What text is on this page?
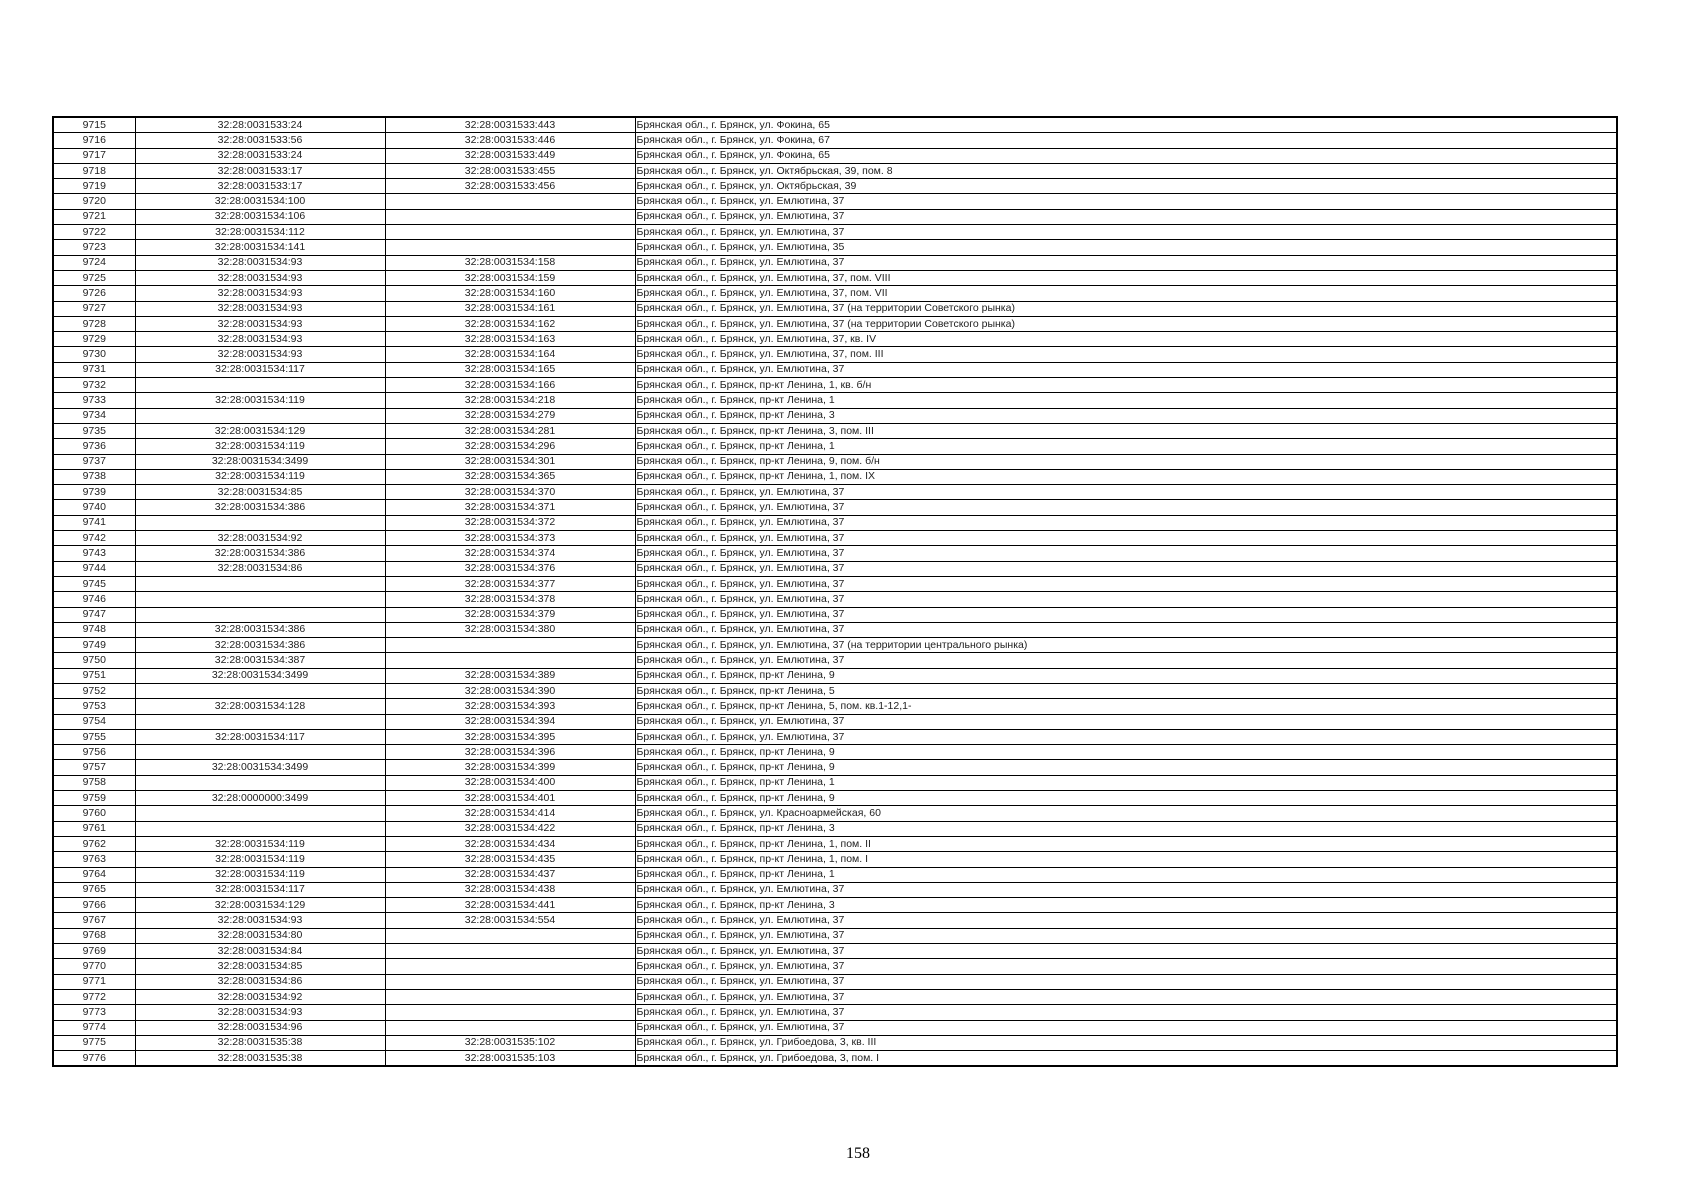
9715	32:28:0031533:24	32:28:0031533:443	Брянская обл., г. Брянск, ул. Фокина, 65
9716	32:28:0031533:56	32:28:0031533:446	Брянская обл., г. Брянск, ул. Фокина, 67
9717	32:28:0031533:24	32:28:0031533:449	Брянская обл., г. Брянск, ул. Фокина, 65
9718	32:28:0031533:17	32:28:0031533:455	Брянская обл., г. Брянск, ул. Октябрьская, 39, пом. 8
9719	32:28:0031533:17	32:28:0031533:456	Брянская обл., г. Брянск, ул. Октябрьская, 39
9720	32:28:0031534:100		Брянская обл., г. Брянск, ул. Емлютина, 37
9721	32:28:0031534:106		Брянская обл., г. Брянск, ул. Емлютина, 37
9722	32:28:0031534:112		Брянская обл., г. Брянск, ул. Емлютина, 37
9723	32:28:0031534:141		Брянская обл., г. Брянск, ул. Емлютина, 35
9724	32:28:0031534:93	32:28:0031534:158	Брянская обл., г. Брянск, ул. Емлютина, 37
9725	32:28:0031534:93	32:28:0031534:159	Брянская обл., г. Брянск, ул. Емлютина, 37, пом. VIII
9726	32:28:0031534:93	32:28:0031534:160	Брянская обл., г. Брянск, ул. Емлютина, 37, пом. VII
9727	32:28:0031534:93	32:28:0031534:161	Брянская обл., г. Брянск, ул. Емлютина, 37 (на территории Советского рынка)
9728	32:28:0031534:93	32:28:0031534:162	Брянская обл., г. Брянск, ул. Емлютина, 37 (на территории Советского рынка)
9729	32:28:0031534:93	32:28:0031534:163	Брянская обл., г. Брянск, ул. Емлютина, 37, кв. IV
9730	32:28:0031534:93	32:28:0031534:164	Брянская обл., г. Брянск, ул. Емлютина, 37, пом. III
9731	32:28:0031534:117	32:28:0031534:165	Брянская обл., г. Брянск, ул. Емлютина, 37
9732		32:28:0031534:166	Брянская обл., г. Брянск, пр-кт Ленина, 1, кв. б/н
9733	32:28:0031534:119	32:28:0031534:218	Брянская обл., г. Брянск, пр-кт Ленина, 1
9734		32:28:0031534:279	Брянская обл., г. Брянск, пр-кт Ленина, 3
9735	32:28:0031534:129	32:28:0031534:281	Брянская обл., г. Брянск, пр-кт Ленина, 3, пом. III
9736	32:28:0031534:119	32:28:0031534:296	Брянская обл., г. Брянск, пр-кт Ленина, 1
9737	32:28:0031534:3499	32:28:0031534:301	Брянская обл., г. Брянск, пр-кт Ленина, 9, пом. б/н
9738	32:28:0031534:119	32:28:0031534:365	Брянская обл., г. Брянск, пр-кт Ленина, 1, пом. IX
9739	32:28:0031534:85	32:28:0031534:370	Брянская обл., г. Брянск, ул. Емлютина, 37
9740	32:28:0031534:386	32:28:0031534:371	Брянская обл., г. Брянск, ул. Емлютина, 37
9741		32:28:0031534:372	Брянская обл., г. Брянск, ул. Емлютина, 37
9742	32:28:0031534:92	32:28:0031534:373	Брянская обл., г. Брянск, ул. Емлютина, 37
9743	32:28:0031534:386	32:28:0031534:374	Брянская обл., г. Брянск, ул. Емлютина, 37
9744	32:28:0031534:86	32:28:0031534:376	Брянская обл., г. Брянск, ул. Емлютина, 37
9745		32:28:0031534:377	Брянская обл., г. Брянск, ул. Емлютина, 37
9746		32:28:0031534:378	Брянская обл., г. Брянск, ул. Емлютина, 37
9747		32:28:0031534:379	Брянская обл., г. Брянск, ул. Емлютина, 37
9748	32:28:0031534:386	32:28:0031534:380	Брянская обл., г. Брянск, ул. Емлютина, 37
9749	32:28:0031534:386		Брянская обл., г. Брянск, ул. Емлютина, 37 (на территории центрального рынка)
9750	32:28:0031534:387		Брянская обл., г. Брянск, ул. Емлютина, 37
9751	32:28:0031534:3499	32:28:0031534:389	Брянская обл., г. Брянск, пр-кт Ленина, 9
9752		32:28:0031534:390	Брянская обл., г. Брянск, пр-кт Ленина, 5
9753	32:28:0031534:128	32:28:0031534:393	Брянская обл., г. Брянск, пр-кт Ленина, 5, пом. кв.1-12,1-
9754		32:28:0031534:394	Брянская обл., г. Брянск, ул. Емлютина, 37
9755	32:28:0031534:117	32:28:0031534:395	Брянская обл., г. Брянск, ул. Емлютина, 37
9756		32:28:0031534:396	Брянская обл., г. Брянск, пр-кт Ленина, 9
9757	32:28:0031534:3499	32:28:0031534:399	Брянская обл., г. Брянск, пр-кт Ленина, 9
9758		32:28:0031534:400	Брянская обл., г. Брянск, пр-кт Ленина, 1
9759	32:28:0000000:3499	32:28:0031534:401	Брянская обл., г. Брянск, пр-кт Ленина, 9
9760		32:28:0031534:414	Брянская обл., г. Брянск, ул. Красноармейская, 60
9761		32:28:0031534:422	Брянская обл., г. Брянск, пр-кт Ленина, 3
9762	32:28:0031534:119	32:28:0031534:434	Брянская обл., г. Брянск, пр-кт Ленина, 1, пом. II
9763	32:28:0031534:119	32:28:0031534:435	Брянская обл., г. Брянск, пр-кт Ленина, 1, пом. I
9764	32:28:0031534:119	32:28:0031534:437	Брянская обл., г. Брянск, пр-кт Ленина, 1
9765	32:28:0031534:117	32:28:0031534:438	Брянская обл., г. Брянск, ул. Емлютина, 37
9766	32:28:0031534:129	32:28:0031534:441	Брянская обл., г. Брянск, пр-кт Ленина, 3
9767	32:28:0031534:93	32:28:0031534:554	Брянская обл., г. Брянск, ул. Емлютина, 37
9768	32:28:0031534:80		Брянская обл., г. Брянск, ул. Емлютина, 37
9769	32:28:0031534:84		Брянская обл., г. Брянск, ул. Емлютина, 37
9770	32:28:0031534:85		Брянская обл., г. Брянск, ул. Емлютина, 37
9771	32:28:0031534:86		Брянская обл., г. Брянск, ул. Емлютина, 37
9772	32:28:0031534:92		Брянская обл., г. Брянск, ул. Емлютина, 37
9773	32:28:0031534:93		Брянская обл., г. Брянск, ул. Емлютина, 37
9774	32:28:0031534:96		Брянская обл., г. Брянск, ул. Емлютина, 37
9775	32:28:0031535:38	32:28:0031535:102	Брянская обл., г. Брянск, ул. Грибоедова, 3, кв. III
9776	32:28:0031535:38	32:28:0031535:103	Брянская обл., г. Брянск, ул. Грибоедова, 3, пом. I
158
